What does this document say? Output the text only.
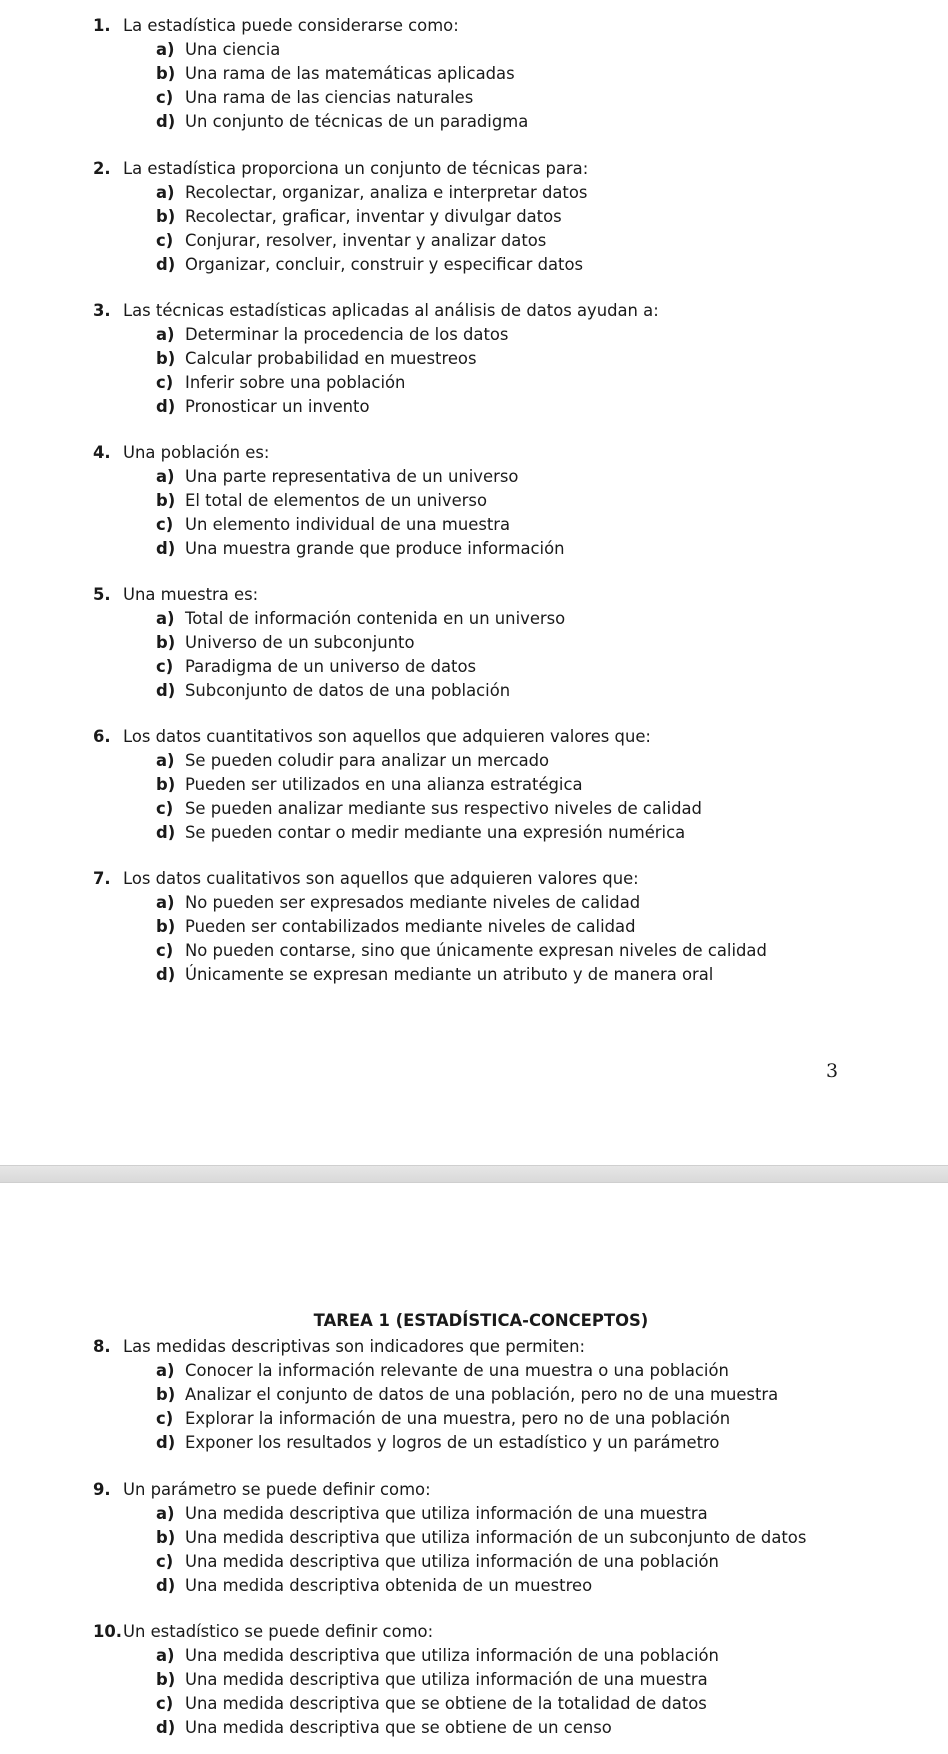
3
TAREA 1 (ESTADÍSTICA-CONCEPTOS)
1. La estadística puede considerarse como:
a) Una ciencia
b) Una rama de las matemáticas aplicadas
c) Una rama de las ciencias naturales
d) Un conjunto de técnicas de un paradigma
2. La estadística proporciona un conjunto de técnicas para:
a) Recolectar, organizar, analiza e interpretar datos
b) Recolectar, graficar, inventar y divulgar datos
c) Conjurar, resolver, inventar y analizar datos
d) Organizar, concluir, construir y especificar datos
3. Las técnicas estadísticas aplicadas al análisis de datos ayudan a:
a) Determinar la procedencia de los datos
b) Calcular probabilidad en muestreos
c) Inferir sobre una población
d) Pronosticar un invento
4. Una población es:
a) Una parte representativa de un universo
b) El total de elementos de un universo
c) Un elemento individual de una muestra
d) Una muestra grande que produce información
5. Una muestra es:
a) Total de información contenida en un universo
b) Universo de un subconjunto
c) Paradigma de un universo de datos
d) Subconjunto de datos de una población
6. Los datos cuantitativos son aquellos que adquieren valores que:
a) Se pueden coludir para analizar un mercado
b) Pueden ser utilizados en una alianza estratégica
c) Se pueden analizar mediante sus respectivo niveles de calidad
d) Se pueden contar o medir mediante una expresión numérica
7. Los datos cualitativos son aquellos que adquieren valores que:
a) No pueden ser expresados mediante niveles de calidad
b) Pueden ser contabilizados mediante niveles de calidad
c) No pueden contarse, sino que únicamente expresan niveles de calidad
d) Únicamente se expresan mediante un atributo y de manera oral
8. Las medidas descriptivas son indicadores que permiten:
a) Conocer la información relevante de una muestra o una población
b) Analizar el conjunto de datos de una población, pero no de una muestra
c) Explorar la información de una muestra, pero no de una población
d) Exponer los resultados y logros de un estadístico y un parámetro
9. Un parámetro se puede definir como:
a) Una medida descriptiva que utiliza información de una muestra
b) Una medida descriptiva que utiliza información de un subconjunto de datos
c) Una medida descriptiva que utiliza información de una población
d) Una medida descriptiva obtenida de un muestreo
10.Un estadístico se puede definir como:
a) Una medida descriptiva que utiliza información de una población
b) Una medida descriptiva que utiliza información de una muestra
c) Una medida descriptiva que se obtiene de la totalidad de datos
d) Una medida descriptiva que se obtiene de un censo
